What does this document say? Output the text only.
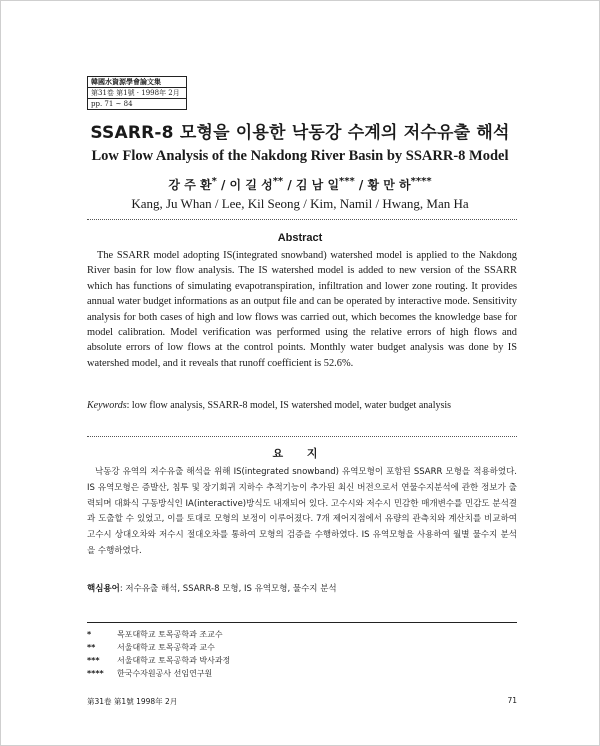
韓國水資源學會論文集
第31卷 第1號 · 1998年 2月
pp. 71 ~ 84
SSARR-8 모형을 이용한 낙동강 수계의 저수유출 해석
Low Flow Analysis of the Nakdong River Basin by SSARR-8 Model
강 주 환* / 이 길 성** / 김 남 일*** / 황 만 하****
Kang, Ju Whan / Lee, Kil Seong / Kim, Namil / Hwang, Man Ha
Abstract
The SSARR model adopting IS(integrated snowband) watershed model is applied to the Nakdong River basin for low flow analysis. The IS watershed model is added to new version of the SSARR which has functions of simulating evapotranspiration, infiltration and lower zone routing. It provides annual water budget informations as an output file and can be operated by interactive mode. Sensitivity analysis for both cases of high and low flows was carried out, which becomes the knowledge base for model calibration. Model verification was performed using the relative errors of high flows and absolute errors of low flows at the control points. Monthly water budget analysis was done by IS watershed model, and it reveals that runoff coefficient is 52.6%.
Keywords: low flow analysis, SSARR-8 model, IS watershed model, water budget analysis
요 지
낙동강 유역의 저수유출 해석을 위해 IS(integrated snowband) 유역모형이 포함된 SSARR 모형을 적용하였다. IS 유역모형은 증발산, 침투 및 장기회귀 지하수 추적기능이 추가된 최신 버전으로서 연물수지분석에 관한 정보가 출력되며 대화식 구동방식인 IA(interactive)방식도 내재되어 있다. 고수시와 저수시 민감한 매개변수를 민감도 분석결과 도출할 수 있었고, 이를 토대로 모형의 보정이 이루어졌다. 7개 제어지점에서 유량의 관측치와 계산치를 비교하여 고수시 상대오차와 저수시 절대오차를 통하여 모형의 검증을 수행하였다. IS 유역모형을 사용하여 월별 물수지 분석을 수행하였다.
핵심용어: 저수유출 해석, SSARR-8 모형, IS 유역모형, 물수지 분석
*	목포대학교 토목공학과 조교수
**	서울대학교 토목공학과 교수
***	서울대학교 토목공학과 박사과정
****	한국수자원공사 선임연구원
第31卷 第1號 1998年 2月	71
